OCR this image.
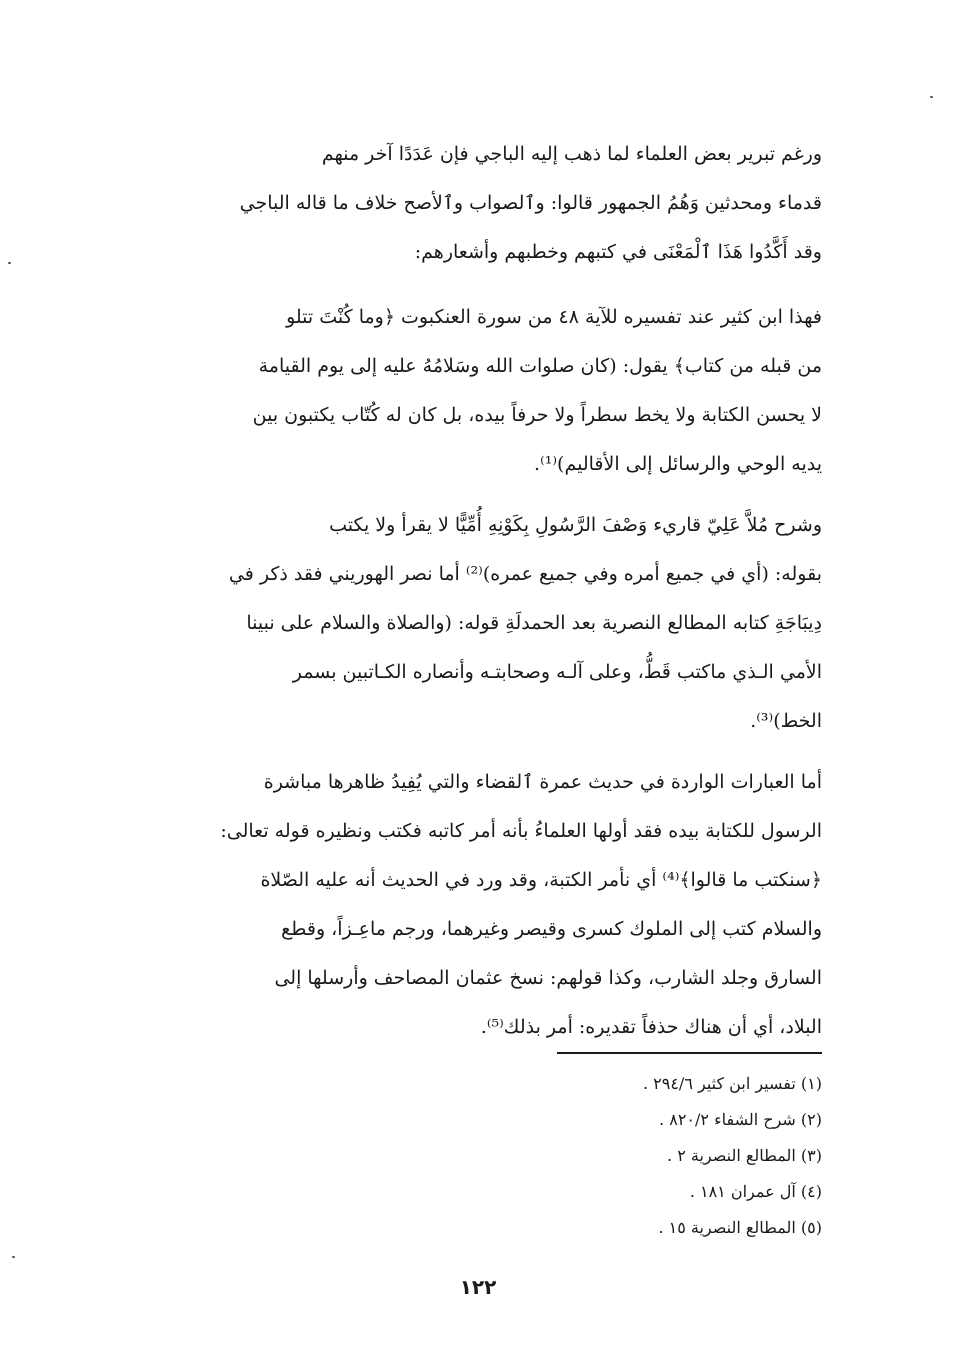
ورغم تبرير بعض العلماء لما ذهب إليه الباجي فإن عَدَدًا آخر منهم
قدماء ومحدثين وَهُمُ الجمهور قالوا: وٱلصواب وٱلأصح خلاف ما قاله الباجي
وقد أَكَّدُوا هَذَا ٱلْمَعْنَى في كتبهم وخطبهم وأشعارهم:
فهذا ابن كثير عند تفسيره للآية ٤٨ من سورة العنكبوت ﴿وما كُنْتَ تتلو
من قبله من كتاب﴾ يقول: (كان صلوات الله وسَلامُهُ عليه إلى يوم القيامة
لا يحسن الكتابة ولا يخط سطراً ولا حرفاً بيده، بل كان له كُتّاب يكتبون بين
يديه الوحي والرسائل إلى الأقاليم)⁽¹⁾.
وشرح مُلاَّ عَلِيّ قاريء وَصْفَ الرَّسُولِ بِكَوْنِهِ أُمِّيًّا لا يقرأ ولا يكتب
بقوله: (أي في جميع أمره وفي جميع عمره)⁽²⁾ أما نصر الهوريني فقد ذكر في
دِيبَاجَةِ كتابه المطالع النصرية بعد الحمدلَةِ قوله: (والصلاة والسلام على نبينا
الأمي الـذي ماكتب قَطُّ، وعلى آلـه وصحابتـه وأنصاره الكـاتبين بسمر
الخط)⁽³⁾.
أما العبارات الواردة في حديث عمرة ٱلقضاء والتي يُفِيدُ ظاهرها مباشرة
الرسول للكتابة بيده فقد أولها العلماءُ بأنه أمر كاتبه فكتب ونظيره قوله تعالى:
﴿سنكتب ما قالوا﴾⁽⁴⁾ أي نأمر الكتبة، وقد ورد في الحديث أنه عليه الصّلاة
والسلام كتب إلى الملوك كسرى وقيصر وغيرهما، ورجم ماعِـزاً، وقطع
السارق وجلد الشارب، وكذا قولهم: نسخ عثمان المصاحف وأرسلها إلى
البلاد، أي أن هناك حذفاً تقديره: أمر بذلك⁽⁵⁾.
(١) تفسير ابن كثير ٢٩٤/٦ .
(٢) شرح الشفاء ٨٢٠/٢ .
(٣) المطالع النصرية ٢ .
(٤) آل عمران ١٨١ .
(٥) المطالع النصرية ١٥ .
١٢٢
